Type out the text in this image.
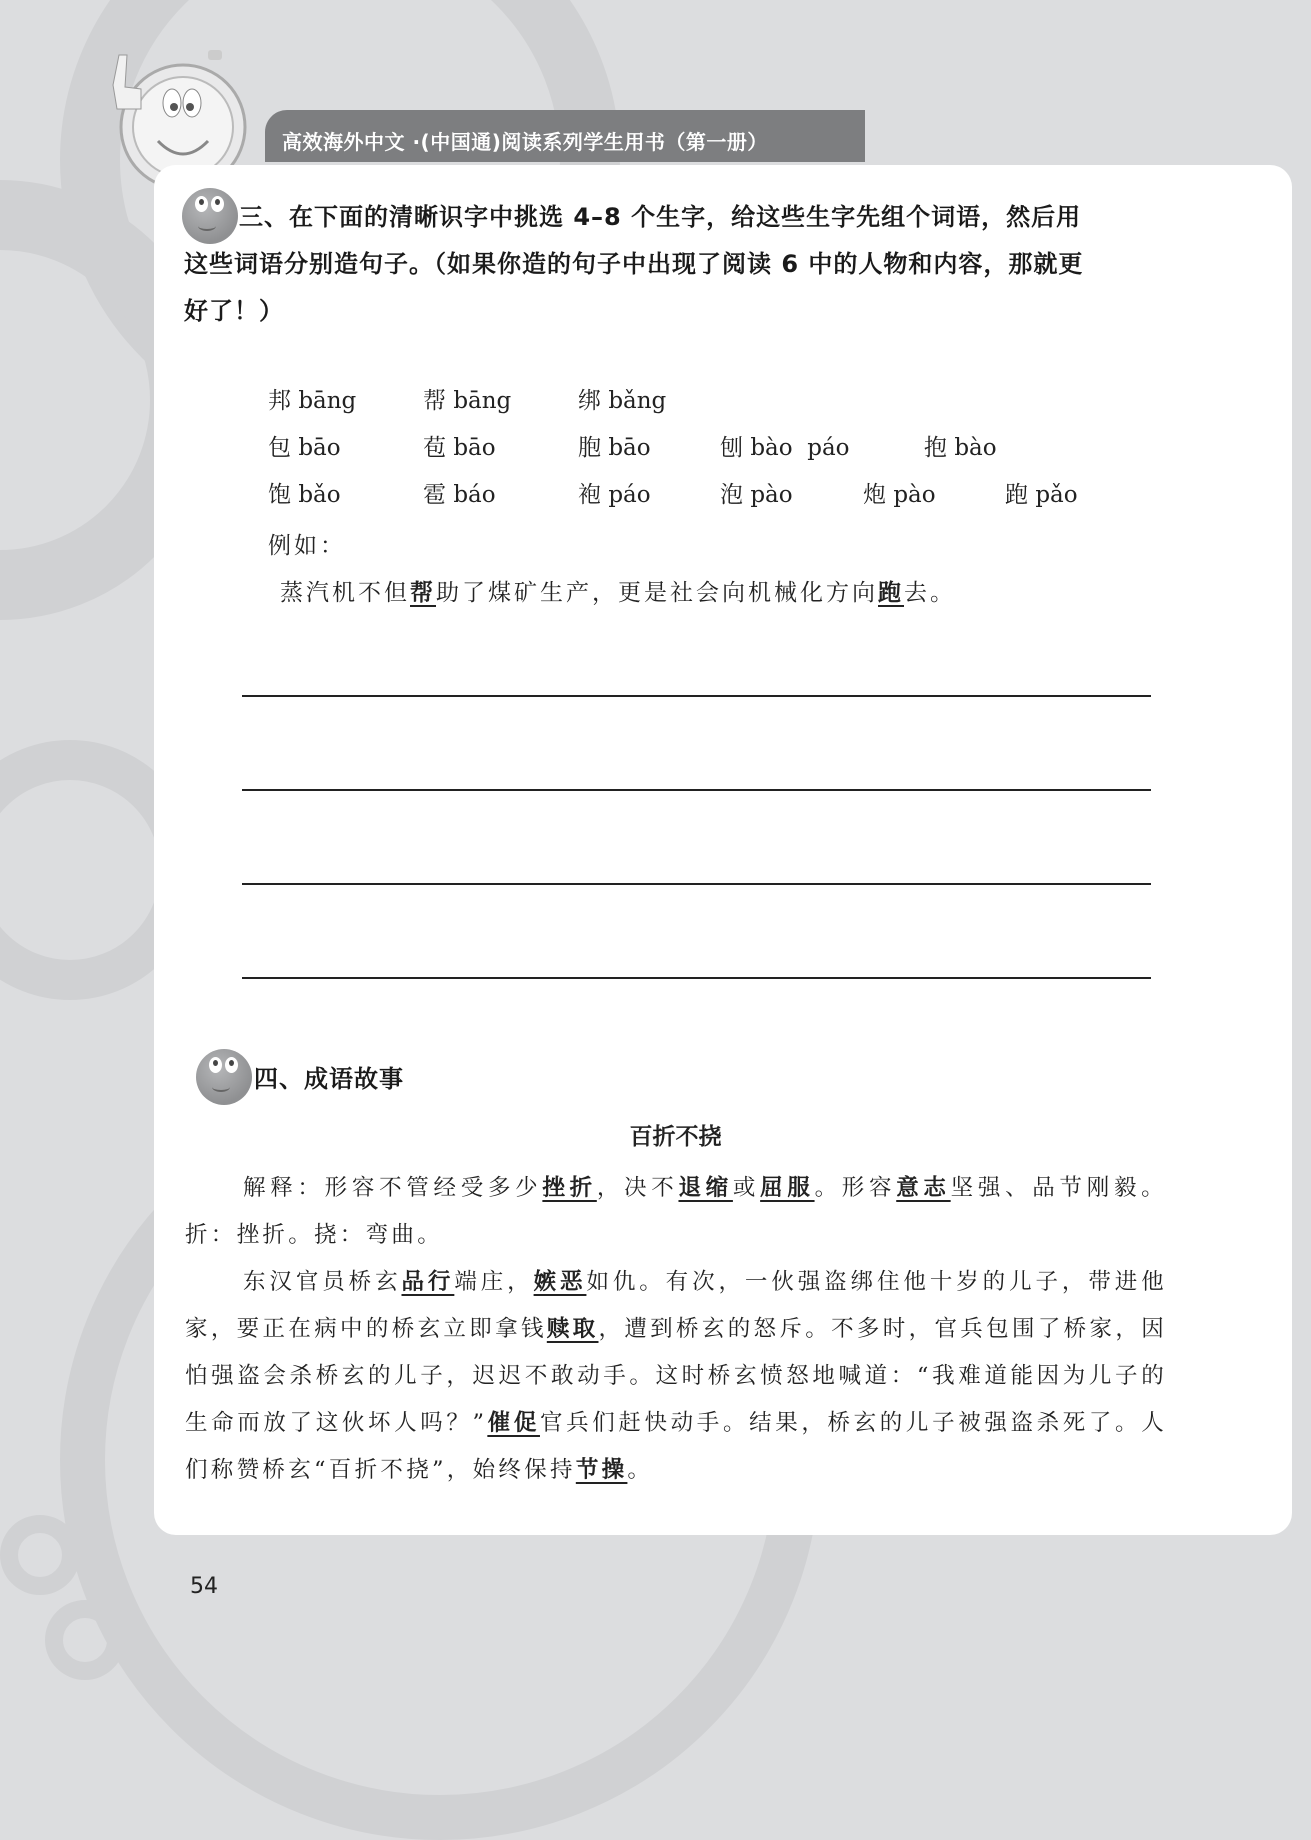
高效海外中文 ·(中国通)阅读系列学生用书（第一册）
三、在下面的清晰识字中挑选 4–8 个生字，给这些生字先组个词语，然后用
这些词语分别造句子。（如果你造的句子中出现了阅读 6 中的人物和内容，那就更
好了！）
邦 bāng	帮 bāng	绑 bǎng
包 bāo	苞 bāo	胞 bāo	刨 bào  páo	抱 bào
饱 bǎo	雹 báo	袍 páo	泡 pào	炮 pào	跑 pǎo
例如：
蒸汽机不但帮助了煤矿生产，更是社会向机械化方向跑去。
四、成语故事
百折不挠

解释：形容不管经受多少挫折，决不退缩或屈服。形容意志坚强、品节刚毅。折：挫折。挠：弯曲。

东汉官员桥玄品行端庄，嫉恶如仇。有次，一伙强盗绑住他十岁的儿子，带进他家，要正在病中的桥玄立即拿钱赎取，遭到桥玄的怒斥。不多时，官兵包围了桥家，因怕强盗会杀桥玄的儿子，迟迟不敢动手。这时桥玄愤怒地喊道：“我难道能因为儿子的生命而放了这伙坏人吗？”催促官兵们赶快动手。结果，桥玄的儿子被强盗杀死了。人们称赞桥玄“百折不挠”，始终保持节操。

54
